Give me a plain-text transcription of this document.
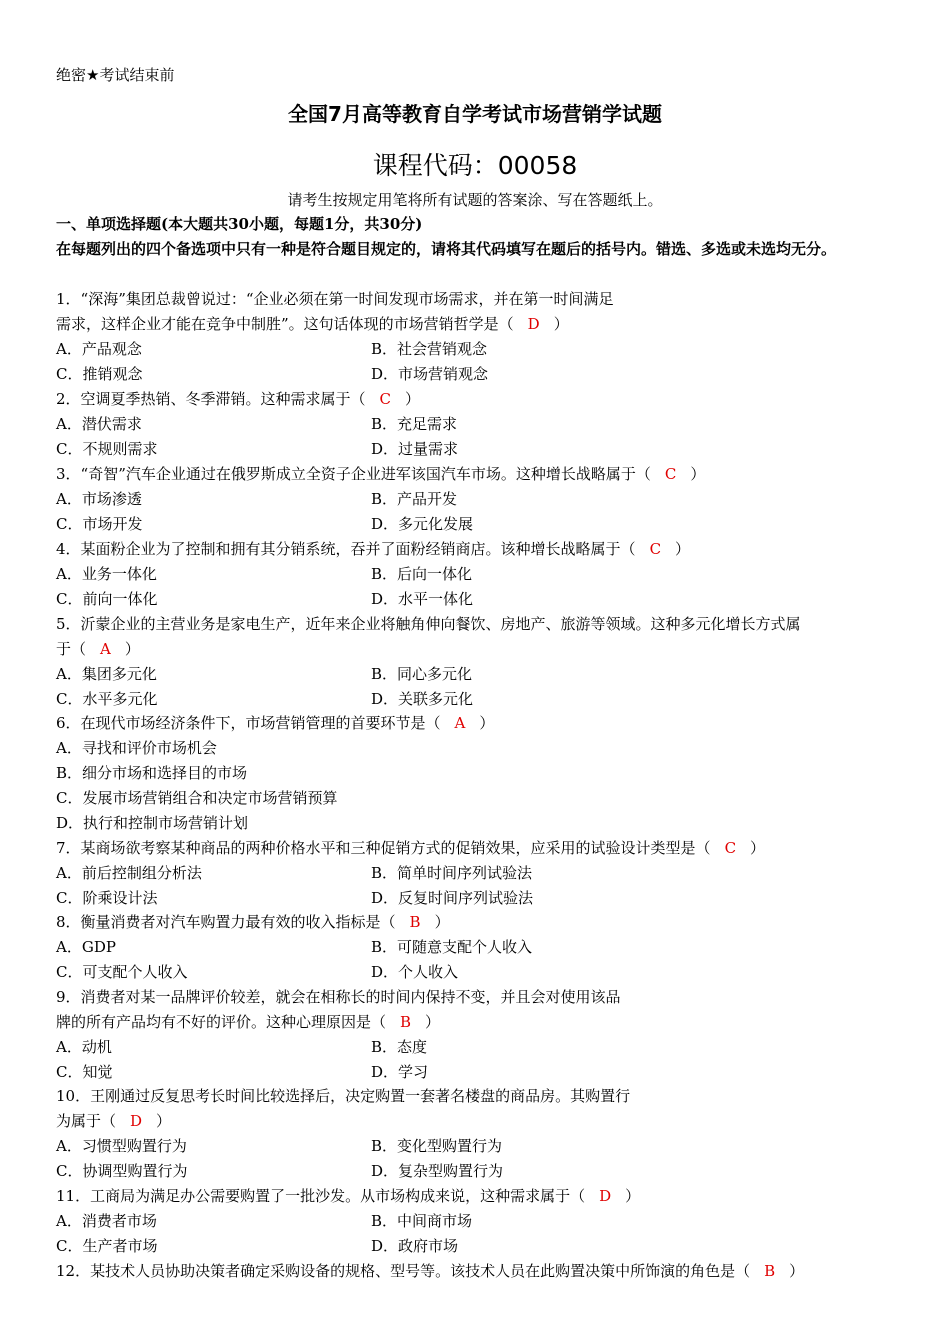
绝密★考试结束前
全国7月高等教育自学考试市场营销学试题
课程代码：00058
请考生按规定用笔将所有试题的答案涂、写在答题纸上。
一、单项选择题(本大题共30小题，每题1分，共30分)
在每题列出的四个备选项中只有一种是符合题目规定的，请将其代码填写在题后的括号内。错选、多选或未选均无分。
1．“深海”集团总裁曾说过：“企业必须在第一时间发现市场需求，并在第一时间满足
需求，这样企业才能在竞争中制胜”。这句话体现的市场营销哲学是（ D ）
A．产品观念	B．社会营销观念
C．推销观念	D．市场营销观念
2．空调夏季热销、冬季滞销。这种需求属于（ C ）
A．潜伏需求	B．充足需求
C．不规则需求	D．过量需求
3．“奇智”汽车企业通过在俄罗斯成立全资子企业进军该国汽车市场。这种增长战略属于（ C ）
A．市场渗透	B．产品开发
C．市场开发	D．多元化发展
4．某面粉企业为了控制和拥有其分销系统，吞并了面粉经销商店。该种增长战略属于（ C ）
A．业务一体化	B．后向一体化
C．前向一体化	D．水平一体化
5．沂蒙企业的主营业务是家电生产，近年来企业将触角伸向餐饮、房地产、旅游等领域。这种多元化增长方式属
于（ A ）
A．集团多元化	B．同心多元化
C．水平多元化	D．关联多元化
6．在现代市场经济条件下，市场营销管理的首要环节是（ A ）
A．寻找和评价市场机会
B．细分市场和选择目的市场
C．发展市场营销组合和决定市场营销预算
D．执行和控制市场营销计划
7．某商场欲考察某种商品的两种价格水平和三种促销方式的促销效果，应采用的试验设计类型是（ C ）
A．前后控制组分析法	B．简单时间序列试验法
C．阶乘设计法	D．反复时间序列试验法
8．衡量消费者对汽车购置力最有效的收入指标是（ B ）
A．GDP	B．可随意支配个人收入
C．可支配个人收入	D．个人收入
9．消费者对某一品牌评价较差，就会在相称长的时间内保持不变，并且会对使用该品
牌的所有产品均有不好的评价。这种心理原因是（ B ）
A．动机	B．态度
C．知觉	D．学习
10．王刚通过反复思考长时间比较选择后，决定购置一套著名楼盘的商品房。其购置行
为属于（ D ）
A．习惯型购置行为	B．变化型购置行为
C．协调型购置行为	D．复杂型购置行为
11．工商局为满足办公需要购置了一批沙发。从市场构成来说，这种需求属于（ D ）
A．消费者市场	B．中间商市场
C．生产者市场	D．政府市场
12．某技术人员协助决策者确定采购设备的规格、型号等。该技术人员在此购置决策中所饰演的角色是（ B ）
